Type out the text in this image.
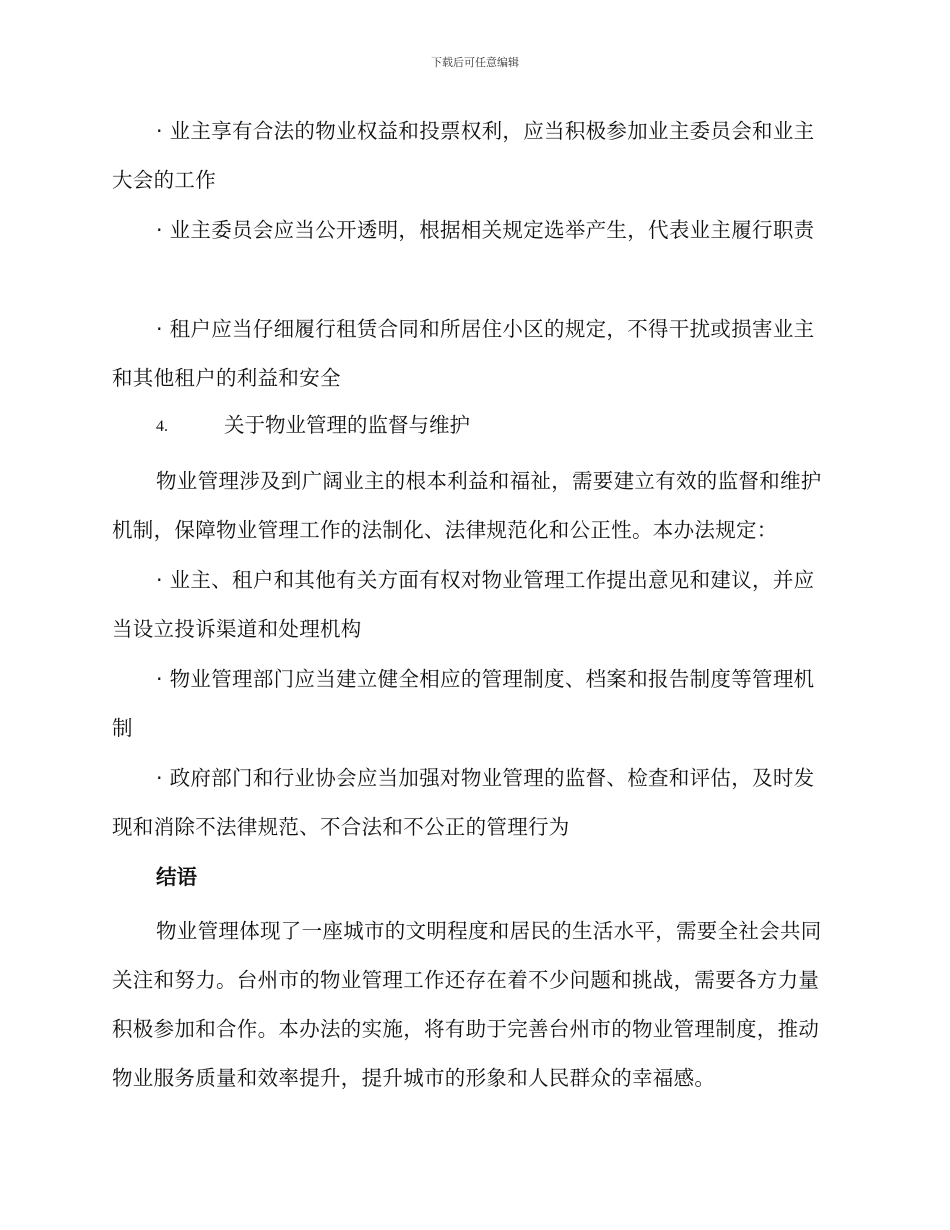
下载后可任意编辑

· 业主享有合法的物业权益和投票权利，应当积极参加业主委员会和业主大会的工作

· 业主委员会应当公开透明，根据相关规定选举产生，代表业主履行职责

· 租户应当仔细履行租赁合同和所居住小区的规定，不得干扰或损害业主和其他租户的利益和安全

4.	关于物业管理的监督与维护

物业管理涉及到广阔业主的根本利益和福祉，需要建立有效的监督和维护机制，保障物业管理工作的法制化、法律规范化和公正性。本办法规定：

· 业主、租户和其他有关方面有权对物业管理工作提出意见和建议，并应当设立投诉渠道和处理机构

· 物业管理部门应当建立健全相应的管理制度、档案和报告制度等管理机制

· 政府部门和行业协会应当加强对物业管理的监督、检查和评估，及时发现和消除不法律规范、不合法和不公正的管理行为

结语

物业管理体现了一座城市的文明程度和居民的生活水平，需要全社会共同关注和努力。台州市的物业管理工作还存在着不少问题和挑战，需要各方力量积极参加和合作。本办法的实施，将有助于完善台州市的物业管理制度，推动物业服务质量和效率提升，提升城市的形象和人民群众的幸福感。
